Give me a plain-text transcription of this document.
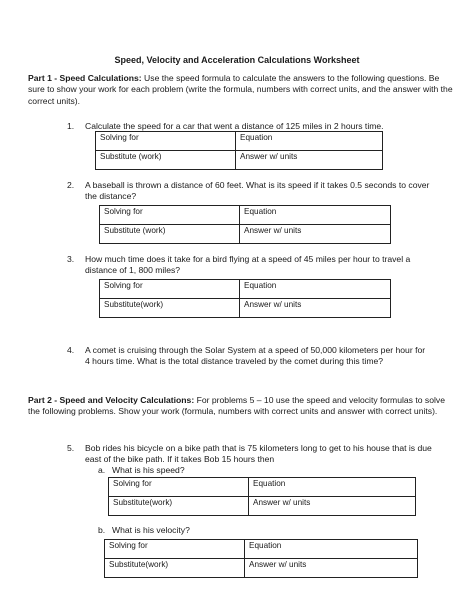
Speed, Velocity and Acceleration Calculations Worksheet
Part 1 - Speed Calculations: Use the speed formula to calculate the answers to the following questions. Be sure to show your work for each problem (write the formula, numbers with correct units, and the answer with the correct units).
1. Calculate the speed for a car that went a distance of 125 miles in 2 hours time.
Solving for	Equation
Substitute (work)	Answer w/ units
2. A baseball is thrown a distance of 60 feet. What is its speed if it takes 0.5 seconds to cover the distance?
Solving for	Equation
Substitute (work)	Answer w/ units
3. How much time does it take for a bird flying at a speed of 45 miles per hour to travel a distance of 1, 800 miles?
Solving for	Equation
Substitute(work)	Answer w/ units
4. A comet is cruising through the Solar System at a speed of 50,000 kilometers per hour for 4 hours time. What is the total distance traveled by the comet during this time?
Part 2 - Speed and Velocity Calculations: For problems 5 – 10 use the speed and velocity formulas to solve the following problems. Show your work (formula, numbers with correct units and answer with correct units).
5. Bob rides his bicycle on a bike path that is 75 kilometers long to get to his house that is due east of the bike path. If it takes Bob 15 hours then
a. What is his speed?
Solving for	Equation
Substitute(work)	Answer w/ units
b. What is his velocity?
Solving for	Equation
Substitute(work)	Answer w/ units
